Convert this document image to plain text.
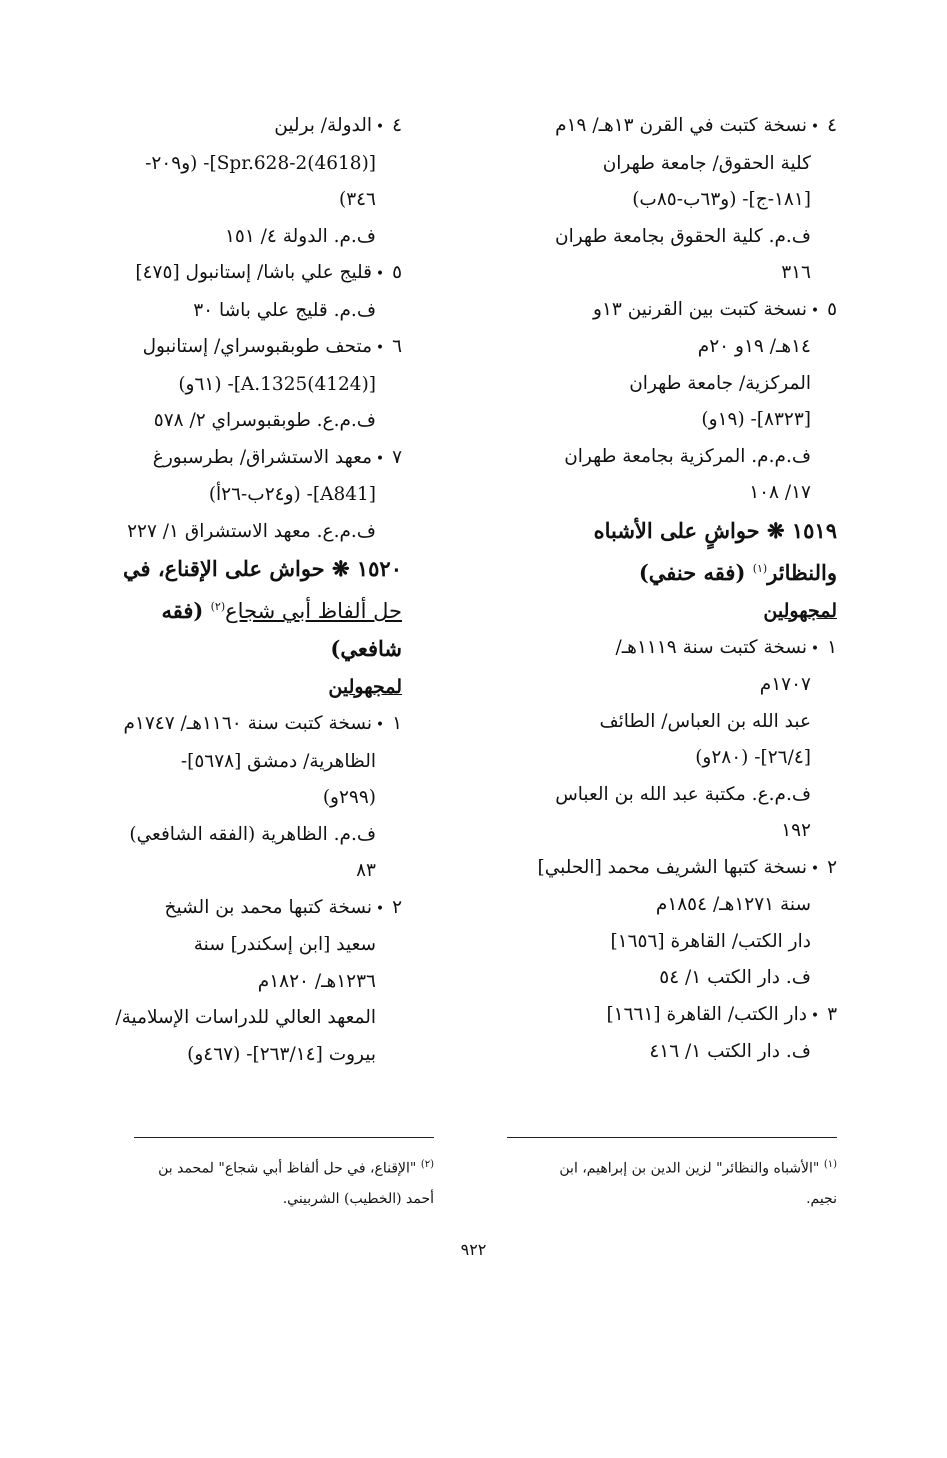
٤
•
نسخة كتبت في القرن ١٣هـ/ ١٩م
كلية الحقوق/ جامعة طهران
[١٨١-ج]- (و٦٣ب-٨٥ب)
ف.م. كلية الحقوق بجامعة طهران
٣١٦
٥
•
نسخة كتبت بين القرنين ١٣و
١٤هـ/ ١٩و ٢٠م
المركزية/ جامعة طهران
[٨٣٢٣]- (١٩و)
ف.م.م. المركزية بجامعة طهران
١٧/ ١٠٨
١٥١٩ ❋ حواشٍ على الأشباه
والنظائر$^{(١)}$ (فقه حنفي)
لمجهولين
١
•
نسخة كتبت سنة ١١١٩هـ/
١٧٠٧م
عبد الله بن العباس/ الطائف
[٢٦/٤]- (٢٨٠و)
ف.م.ع. مكتبة عبد الله بن العباس
١٩٢
٢
•
نسخة كتبها الشريف محمد [الحلبي]
سنة ١٢٧١هـ/ ١٨٥٤م
دار الكتب/ القاهرة [١٦٥٦]
ف. دار الكتب ١/ ٥٤
٣
•
دار الكتب/ القاهرة [١٦٦١]
ف. دار الكتب ١/ ٤١٦
٤
•
الدولة/ برلين
[(4618)Spr.628-2]- (و٢٠٩-
٣٤٦)
ف.م. الدولة ٤/ ١٥١
٥
•
قليج علي باشا/ إستانبول [٤٧٥]
ف.م. قليج علي باشا ٣٠
٦
•
متحف طوبقبوسراي/ إستانبول
[(4124)A.1325]- (٦١و)
ف.م.ع. طوبقبوسراي ٢/ ٥٧٨
٧
•
معهد الاستشراق/ بطرسبورغ
[A841]- (و٢٤ب-٢٦أ)
ف.م.ع. معهد الاستشراق ١/ ٢٢٧
١٥٢٠ ❋ حواش على الإقناع، في
حل ألفاظ أبي شجاع$^{(٢)}$ (فقه
شافعي)
لمجهولين
١
•
نسخة كتبت سنة ١١٦٠هـ/ ١٧٤٧م
الظاهرية/ دمشق [٥٦٧٨]-
(٢٩٩و)
ف.م. الظاهرية (الفقه الشافعي)
٨٣
٢
•
نسخة كتبها محمد بن الشيخ
سعيد [ابن إسكندر] سنة
١٢٣٦هـ/ ١٨٢٠م
المعهد العالي للدراسات الإسلامية/
بيروت [٢٦٣/١٤]- (٤٦٧و)
$^{(١)}$ "الأشباه والنظائر" لزين الدين بن إبراهيم، ابن
نجيم.
$^{(٢)}$ "الإقناع، في حل ألفاظ أبي شجاع" لمحمد بن
أحمد (الخطيب) الشربيني.
٩٢٢
